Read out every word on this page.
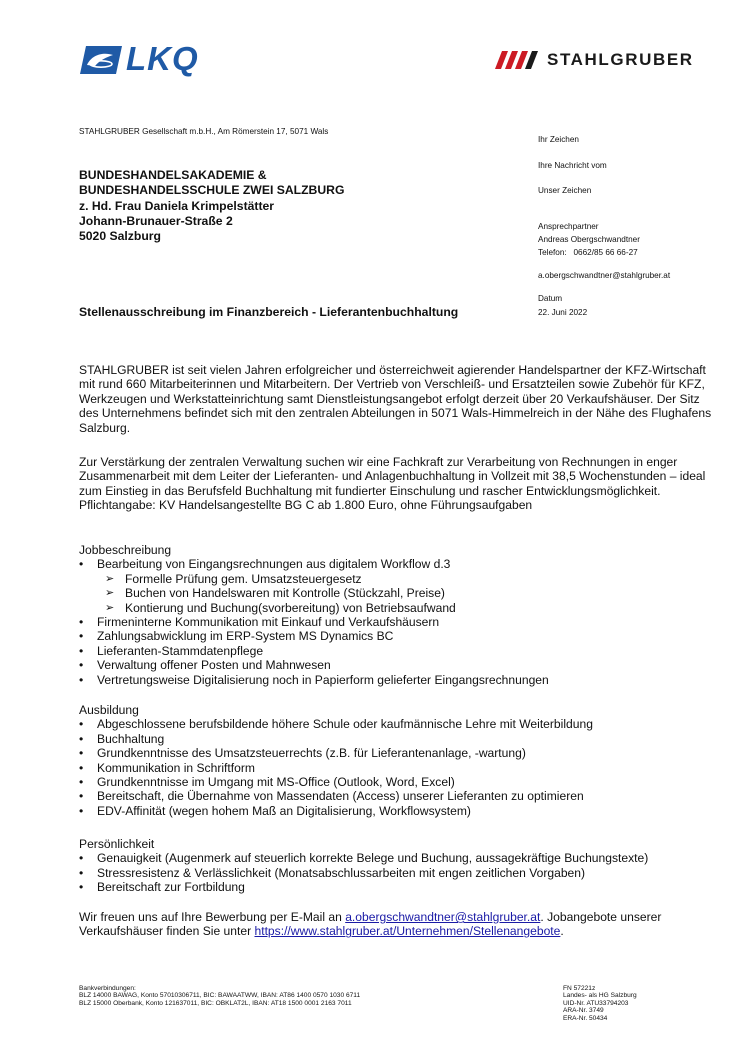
LKQ	STAHLGRUBER
STAHLGRUBER Gesellschaft m.b.H., Am Römerstein 17, 5071 Wals
BUNDESHANDELSAKADEMIE &
BUNDESHANDELSSCHULE ZWEI SALZBURG
z. Hd. Frau Daniela Krimpelstätter
Johann-Brunauer-Straße 2
5020 Salzburg
Ihr Zeichen
Ihre Nachricht vom
Unser Zeichen
Ansprechpartner
Andreas Obergschwandtner
Telefon:   0662/85 66 66-27
a.obergschwandtner@stahlgruber.at
Datum
22. Juni 2022
Stellenausschreibung im Finanzbereich - Lieferantenbuchhaltung

STAHLGRUBER ist seit vielen Jahren erfolgreicher und österreichweit agierender Handelspartner der KFZ-Wirtschaft mit rund 660 Mitarbeiterinnen und Mitarbeitern. Der Vertrieb von Verschleiß- und Ersatzteilen sowie Zubehör für KFZ, Werkzeugen und Werkstatteinrichtung samt Dienstleistungsangebot erfolgt derzeit über 20 Verkaufshäuser. Der Sitz des Unternehmens befindet sich mit den zentralen Abteilungen in 5071 Wals-Himmelreich in der Nähe des Flughafens Salzburg.

Zur Verstärkung der zentralen Verwaltung suchen wir eine Fachkraft zur Verarbeitung von Rechnungen in enger Zusammenarbeit mit dem Leiter der Lieferanten- und Anlagenbuchhaltung in Vollzeit mit 38,5 Wochenstunden – ideal zum Einstieg in das Berufsfeld Buchhaltung mit fundierter Einschulung und rascher Entwicklungsmöglichkeit.

Pflichtangabe: KV Handelsangestellte BG C ab 1.800 Euro, ohne Führungsaufgaben

Jobbeschreibung

• Bearbeitung von Eingangsrechnungen aus digitalem Workflow d.3
➢ Formelle Prüfung gem. Umsatzsteuergesetz
➢ Buchen von Handelswaren mit Kontrolle (Stückzahl, Preise)
➢ Kontierung und Buchung(svorbereitung) von Betriebsaufwand
• Firmeninterne Kommunikation mit Einkauf und Verkaufshäusern
• Zahlungsabwicklung im ERP-System MS Dynamics BC
• Lieferanten-Stammdatenpflege
• Verwaltung offener Posten und Mahnwesen
• Vertretungsweise Digitalisierung noch in Papierform gelieferter Eingangsrechnungen

Ausbildung

• Abgeschlossene berufsbildende höhere Schule oder kaufmännische Lehre mit Weiterbildung
• Buchhaltung
• Grundkenntnisse des Umsatzsteuerrechts (z.B. für Lieferantenanlage, -wartung)
• Kommunikation in Schriftform
• Grundkenntnisse im Umgang mit MS-Office (Outlook, Word, Excel)
• Bereitschaft, die Übernahme von Massendaten (Access) unserer Lieferanten zu optimieren
• EDV-Affinität (wegen hohem Maß an Digitalisierung, Workflowsystem)

Persönlichkeit

• Genauigkeit (Augenmerk auf steuerlich korrekte Belege und Buchung, aussagekräftige Buchungstexte)
• Stressresistenz & Verlässlichkeit (Monatsabschlussarbeiten mit engen zeitlichen Vorgaben)
• Bereitschaft zur Fortbildung

Wir freuen uns auf Ihre Bewerbung per E-Mail an a.obergschwandtner@stahlgruber.at. Jobangebote unserer Verkaufshäuser finden Sie unter https://www.stahlgruber.at/Unternehmen/Stellenangebote.

Bankverbindungen:
BLZ 14000 BAWAG, Konto 57010306711, BIC: BAWAATWW, IBAN: AT86 1400 0570 1030 6711
BLZ 15000 Oberbank, Konto 121637011, BIC: OBKLAT2L, IBAN: AT18 1500 0001 2163 7011
FN 57221z
Landes- als HG Salzburg
UID-Nr. ATU33794203
ARA-Nr. 3749
ERA-Nr. 50434
